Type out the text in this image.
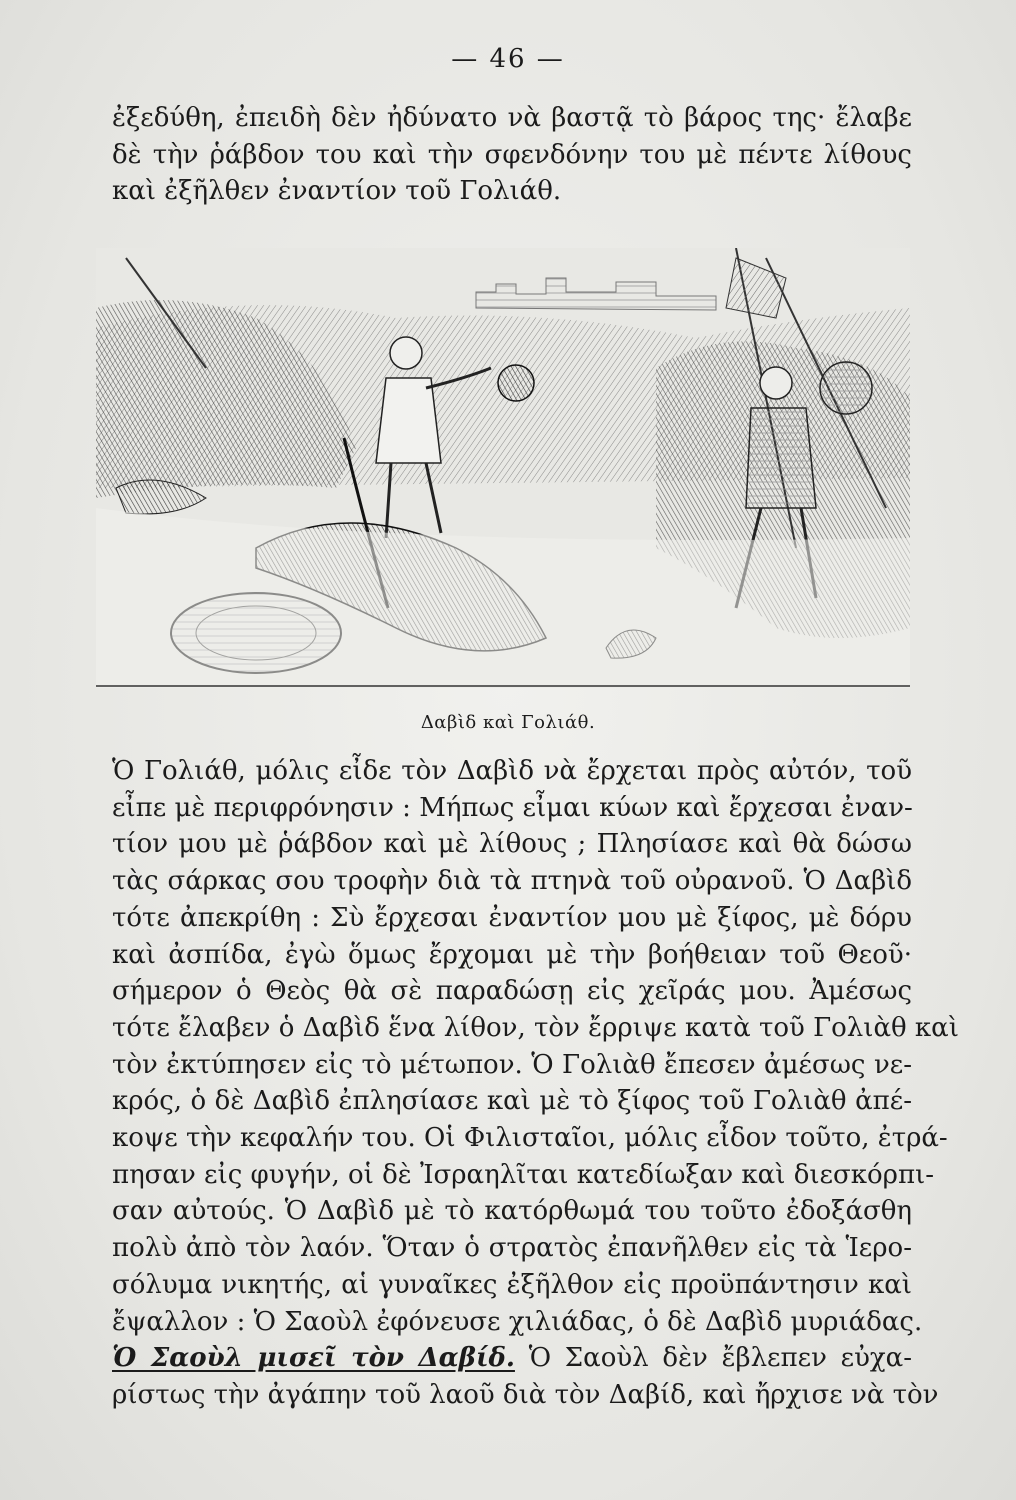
— 46 —
ἐξεδύθη, ἐπειδὴ δὲν ἠδύνατο νὰ βαστᾷ τὸ βάρος της· ἔλαβε
δὲ τὴν ῥάβδον του καὶ τὴν σφενδόνην του μὲ πέντε λίθους
καὶ ἐξῆλθεν ἐναντίον τοῦ Γολιάθ.
Δαβὶδ καὶ Γολιάθ.
Ὁ Γολιάθ, μόλις εἶδε τὸν Δαβὶδ νὰ ἔρχεται πρὸς αὐτόν, τοῦ
εἶπε μὲ περιφρόνησιν : Μήπως εἶμαι κύων καὶ ἔρχεσαι ἐναν-
τίον μου μὲ ῥάβδον καὶ μὲ λίθους ; Πλησίασε καὶ θὰ δώσω
τὰς σάρκας σου τροφὴν διὰ τὰ πτηνὰ τοῦ οὐρανοῦ. Ὁ Δαβὶδ
τότε ἀπεκρίθη : Σὺ ἔρχεσαι ἐναντίον μου μὲ ξίφος, μὲ δόρυ
καὶ ἀσπίδα, ἐγὼ ὅμως ἔρχομαι μὲ τὴν βοήθειαν τοῦ Θεοῦ·
σήμερον ὁ Θεὸς θὰ σὲ παραδώσῃ εἰς χεῖράς μου. Ἀμέσως
τότε ἔλαβεν ὁ Δαβὶδ ἕνα λίθον, τὸν ἔρριψε κατὰ τοῦ Γολιὰθ καὶ
τὸν ἐκτύπησεν εἰς τὸ μέτωπον. Ὁ Γολιὰθ ἔπεσεν ἀμέσως νε-
κρός, ὁ δὲ Δαβὶδ ἐπλησίασε καὶ μὲ τὸ ξίφος τοῦ Γολιὰθ ἀπέ-
κοψε τὴν κεφαλήν του. Οἱ Φιλισταῖοι, μόλις εἶδον τοῦτο, ἐτρά-
πησαν εἰς φυγήν, οἱ δὲ Ἰσραηλῖται κατεδίωξαν καὶ διεσκόρπι-
σαν αὐτούς. Ὁ Δαβὶδ μὲ τὸ κατόρθωμά του τοῦτο ἐδοξάσθη
πολὺ ἀπὸ τὸν λαόν. Ὅταν ὁ στρατὸς ἐπανῆλθεν εἰς τὰ Ἱερο-
σόλυμα νικητής, αἱ γυναῖκες ἐξῆλθον εἰς προϋπάντησιν καὶ
ἔψαλλον : Ὁ Σαοὺλ ἐφόνευσε χιλιάδας, ὁ δὲ Δαβὶδ μυριάδας.
Ὁ Σαοὺλ μισεῖ τὸν Δαβίδ. Ὁ Σαοὺλ δὲν ἔβλεπεν εὐχα-
ρίστως τὴν ἀγάπην τοῦ λαοῦ διὰ τὸν Δαβίδ, καὶ ἤρχισε νὰ τὸν
